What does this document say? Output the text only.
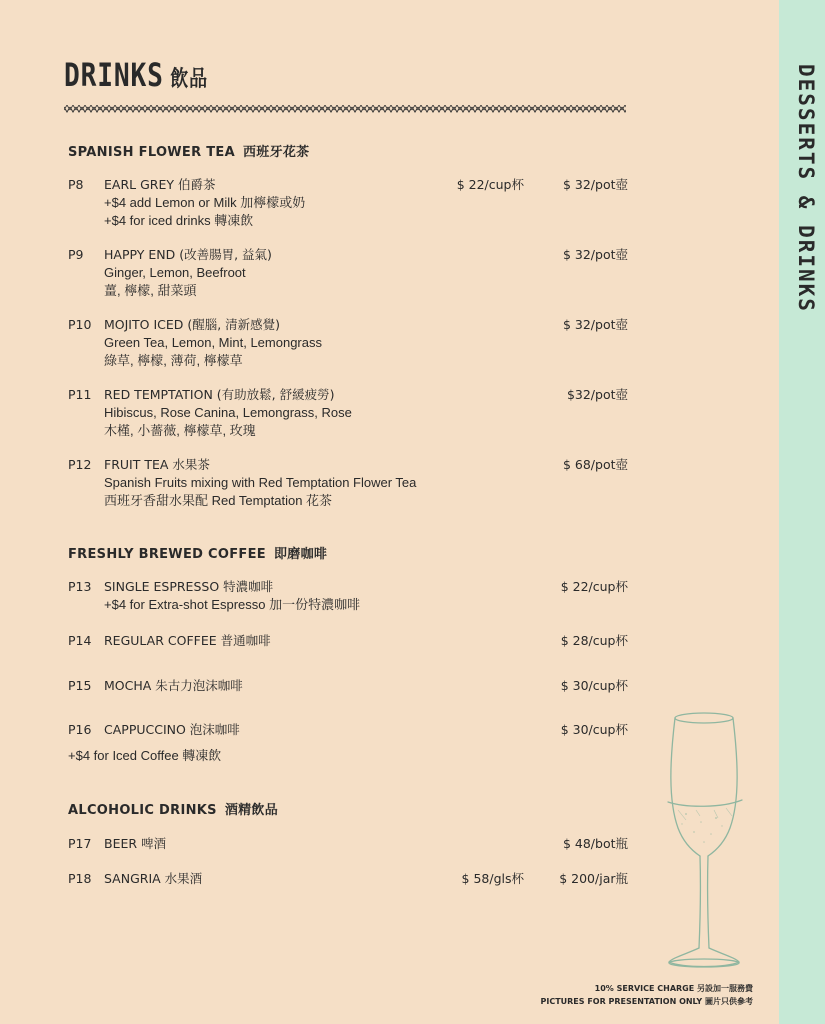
DESSERTS & DRINKS
DRINKS 飲品
SPANISH FLOWER TEA 西班牙花茶
P8	EARL GREY 伯爵茶	$ 22/cup杯	$ 32/pot壺
+$4 add Lemon or Milk 加檸檬或奶
+$4 for iced drinks 轉凍飲
P9	HAPPY END (改善腸胃, 益氣)	$ 32/pot壺
Ginger, Lemon, Beefroot
薑, 檸檬, 甜菜頭
P10	MOJITO ICED (醒腦, 清新感覺)	$ 32/pot壺
Green Tea, Lemon, Mint, Lemongrass
綠草, 檸檬, 薄荷, 檸檬草
P11	RED TEMPTATION (有助放鬆, 舒緩疲勞)	$32/pot壺
Hibiscus, Rose Canina, Lemongrass, Rose
木槿, 小薔薇, 檸檬草, 玫瑰
P12	FRUIT TEA 水果茶	$ 68/pot壺
Spanish Fruits mixing with Red Temptation Flower Tea
西班牙香甜水果配 Red Temptation 花茶
FRESHLY BREWED COFFEE 即磨咖啡
P13	SINGLE ESPRESSO 特濃咖啡	$ 22/cup杯
+$4 for Extra-shot Espresso 加一份特濃咖啡
P14	REGULAR COFFEE 普通咖啡	$ 28/cup杯
P15	MOCHA 朱古力泡沫咖啡	$ 30/cup杯
P16	CAPPUCCINO 泡沫咖啡	$ 30/cup杯
+$4 for Iced Coffee 轉凍飲
ALCOHOLIC DRINKS 酒精飲品
P17	BEER 啤酒	$ 48/bot瓶
P18	SANGRIA 水果酒	$ 58/gls杯	$ 200/jar瓶
10% SERVICE CHARGE 另設加一服務費
PICTURES FOR PRESENTATION ONLY 圖片只供參考
